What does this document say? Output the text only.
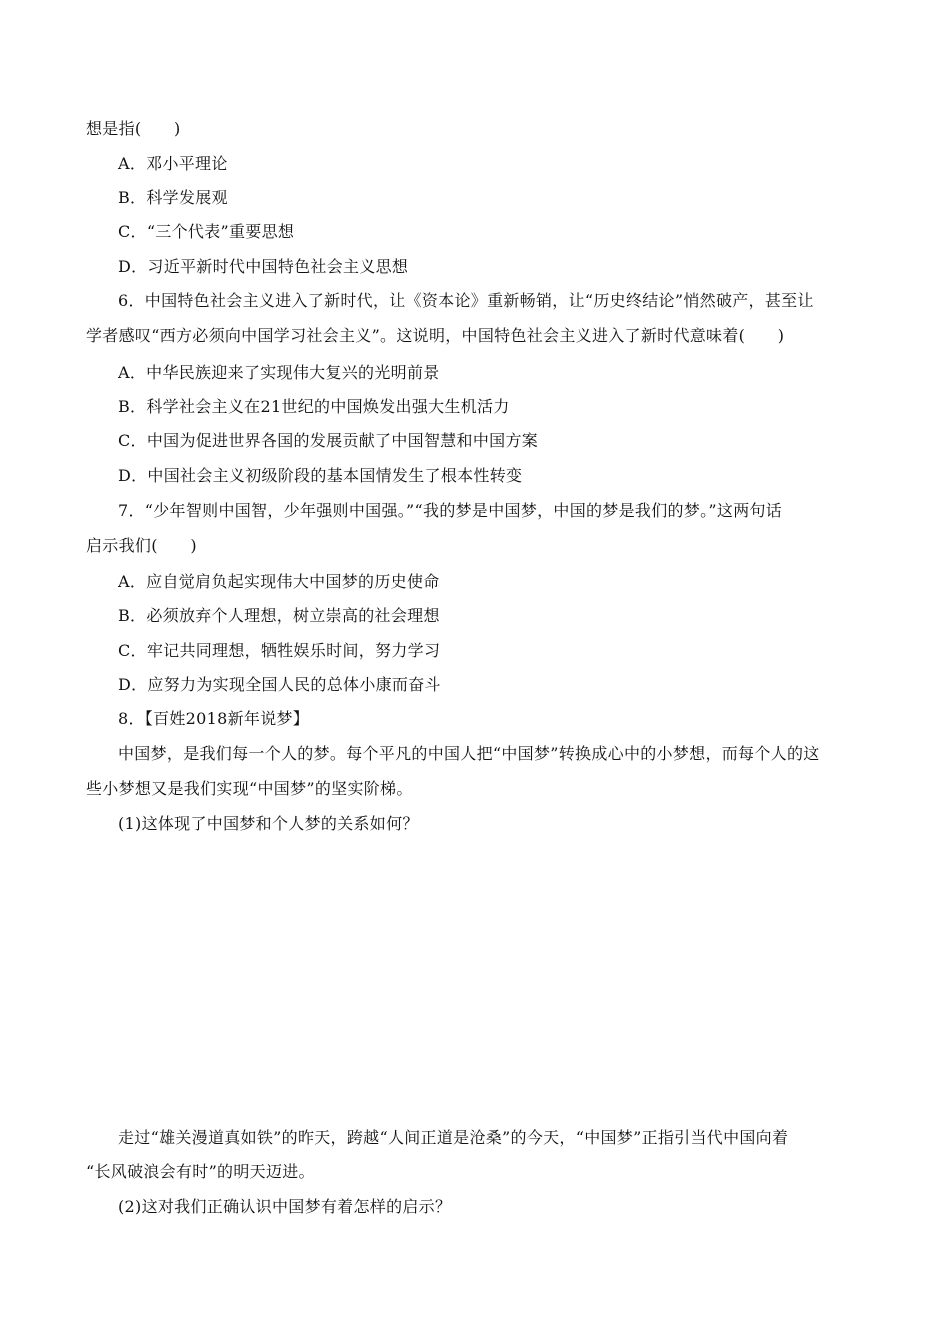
想是指(　　)
A．邓小平理论
B．科学发展观
C．“三个代表”重要思想
D．习近平新时代中国特色社会主义思想
6．中国特色社会主义进入了新时代，让《资本论》重新畅销，让“历史终结论”悄然破产，甚至让
学者感叹“西方必须向中国学习社会主义”。这说明，中国特色社会主义进入了新时代意味着(　　)
A．中华民族迎来了实现伟大复兴的光明前景
B．科学社会主义在21世纪的中国焕发出强大生机活力
C．中国为促进世界各国的发展贡献了中国智慧和中国方案
D．中国社会主义初级阶段的基本国情发生了根本性转变
7．“少年智则中国智，少年强则中国强。”“我的梦是中国梦，中国的梦是我们的梦。”这两句话
启示我们(　　)
A．应自觉肩负起实现伟大中国梦的历史使命
B．必须放弃个人理想，树立崇高的社会理想
C．牢记共同理想，牺牲娱乐时间，努力学习
D．应努力为实现全国人民的总体小康而奋斗
8．【百姓2018新年说梦】
中国梦，是我们每一个人的梦。每个平凡的中国人把“中国梦”转换成心中的小梦想，而每个人的这
些小梦想又是我们实现“中国梦”的坚实阶梯。
(1)这体现了中国梦和个人梦的关系如何？
走过“雄关漫道真如铁”的昨天，跨越“人间正道是沧桑”的今天，“中国梦”正指引当代中国向着
“长风破浪会有时”的明天迈进。
(2)这对我们正确认识中国梦有着怎样的启示？
